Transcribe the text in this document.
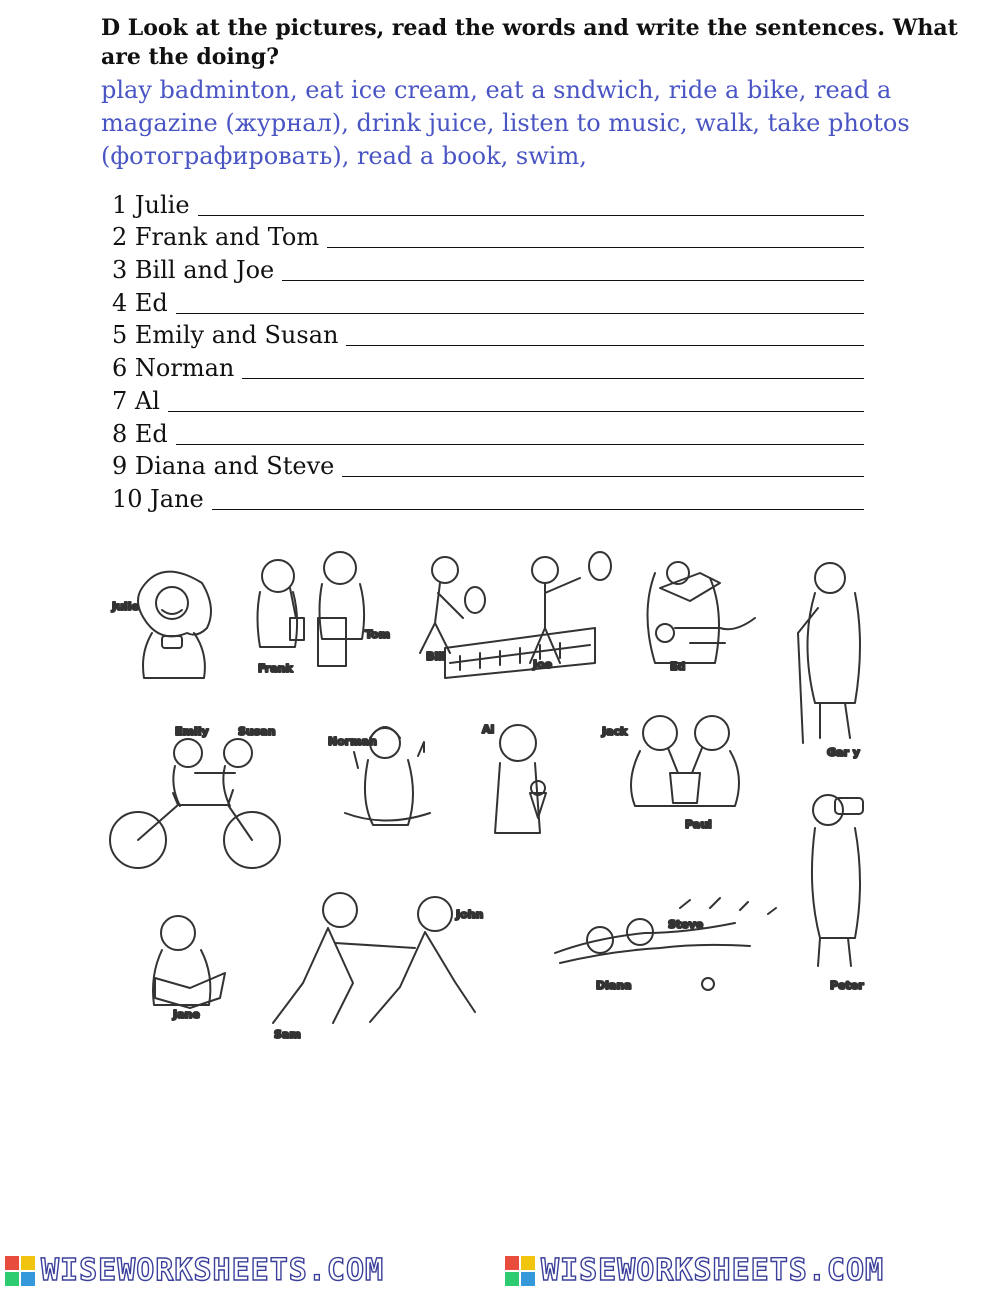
D Look at the pictures, read the words and write the sentences. What are the doing?
play badminton, eat ice cream, eat a sndwich, ride a bike, read a magazine (журнал), drink juice, listen to music, walk, take photos (фотографировать), read a book, swim,
1 Julie
2 Frank and Tom
3 Bill and Joe
4 Ed
5 Emily and Susan
6 Norman
7 Al
8 Ed
9 Diana and Steve
10 Jane
Julie
Frank
Tom
Bill
Joe	Ed
Gar y
Emily	Susan
Norman
Al	Jack
Paul
Peter
Jane
Sam
John
Steve
Diana
WISEWORKSHEETS.COM	WISEWORKSHEETS.COM
